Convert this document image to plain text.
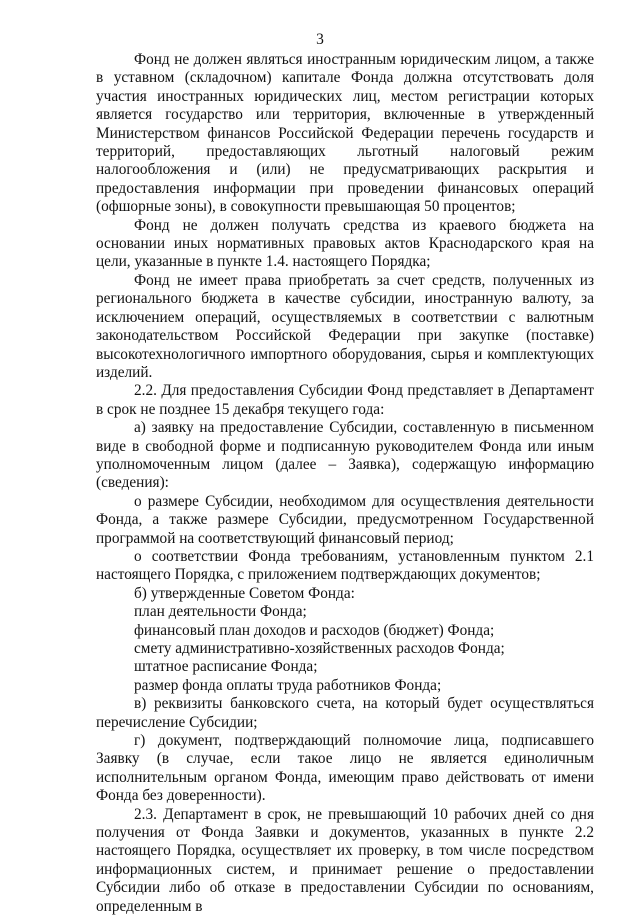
3

Фонд не должен являться иностранным юридическим лицом, а также в уставном (складочном) капитале Фонда должна отсутствовать доля участия иностранных юридических лиц, местом регистрации которых является государство или территория, включенные в утвержденный Министерством финансов Российской Федерации перечень государств и территорий, предоставляющих льготный налоговый режим налогообложения и (или) не предусматривающих раскрытия и предоставления информации при проведении финансовых операций (офшорные зоны), в совокупности превышающая 50 процентов;

Фонд не должен получать средства из краевого бюджета на основании иных нормативных правовых актов Краснодарского края на цели, указанные в пункте 1.4. настоящего Порядка;

Фонд не имеет права приобретать за счет средств, полученных из регионального бюджета в качестве субсидии, иностранную валюту, за исключением операций, осуществляемых в соответствии с валютным законодательством Российской Федерации при закупке (поставке) высокотехнологичного импортного оборудования, сырья и комплектующих изделий.

2.2. Для предоставления Субсидии Фонд представляет в Департамент в срок не позднее 15 декабря текущего года:

а) заявку на предоставление Субсидии, составленную в письменном виде в свободной форме и подписанную руководителем Фонда или иным уполномоченным лицом (далее – Заявка), содержащую информацию (сведения):

о размере Субсидии, необходимом для осуществления деятельности Фонда, а также размере Субсидии, предусмотренном Государственной программой на соответствующий финансовый период;

о соответствии Фонда требованиям, установленным пунктом 2.1 настоящего Порядка, с приложением подтверждающих документов;

б) утвержденные Советом Фонда:

план деятельности Фонда;

финансовый план доходов и расходов (бюджет) Фонда;

смету административно-хозяйственных расходов Фонда;

штатное расписание Фонда;

размер фонда оплаты труда работников Фонда;

в) реквизиты банковского счета, на который будет осуществляться перечисление Субсидии;

г) документ, подтверждающий полномочие лица, подписавшего Заявку (в случае, если такое лицо не является единоличным исполнительным органом Фонда, имеющим право действовать от имени Фонда без доверенности).

2.3. Департамент в срок, не превышающий 10 рабочих дней со дня получения от Фонда Заявки и документов, указанных в пункте 2.2 настоящего Порядка, осуществляет их проверку, в том числе посредством информационных систем, и принимает решение о предоставлении Субсидии либо об отказе в предоставлении Субсидии по основаниям, определенным в
